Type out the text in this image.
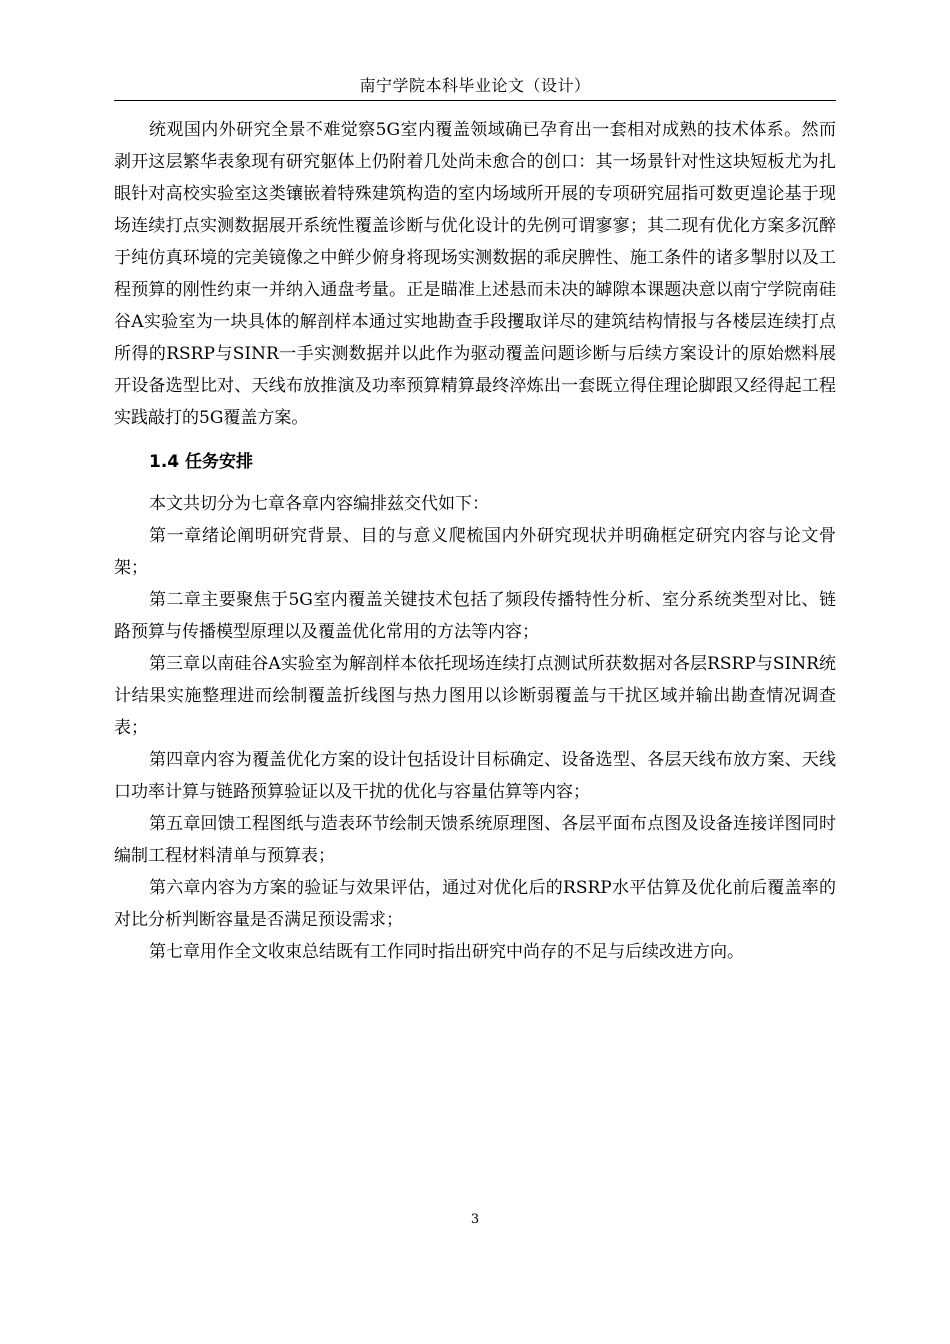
南宁学院本科毕业论文（设计）

统观国内外研究全景不难觉察5G室内覆盖领域确已孕育出一套相对成熟的技术体系。然而剥开这层繁华表象现有研究躯体上仍附着几处尚未愈合的创口：其一场景针对性这块短板尤为扎眼针对高校实验室这类镶嵌着特殊建筑构造的室内场域所开展的专项研究屈指可数更遑论基于现场连续打点实测数据展开系统性覆盖诊断与优化设计的先例可谓寥寥；其二现有优化方案多沉醉于纯仿真环境的完美镜像之中鲜少俯身将现场实测数据的乖戾脾性、施工条件的诸多掣肘以及工程预算的刚性约束一并纳入通盘考量。正是瞄准上述悬而未决的罅隙本课题决意以南宁学院南硅谷A实验室为一块具体的解剖样本通过实地勘查手段攫取详尽的建筑结构情报与各楼层连续打点所得的RSRP与SINR一手实测数据并以此作为驱动覆盖问题诊断与后续方案设计的原始燃料展开设备选型比对、天线布放推演及功率预算精算最终淬炼出一套既立得住理论脚跟又经得起工程实践敲打的5G覆盖方案。

1.4 任务安排

本文共切分为七章各章内容编排兹交代如下：

第一章绪论阐明研究背景、目的与意义爬梳国内外研究现状并明确框定研究内容与论文骨架；

第二章主要聚焦于5G室内覆盖关键技术包括了频段传播特性分析、室分系统类型对比、链路预算与传播模型原理以及覆盖优化常用的方法等内容；

第三章以南硅谷A实验室为解剖样本依托现场连续打点测试所获数据对各层RSRP与SINR统计结果实施整理进而绘制覆盖折线图与热力图用以诊断弱覆盖与干扰区域并输出勘查情况调查表；

第四章内容为覆盖优化方案的设计包括设计目标确定、设备选型、各层天线布放方案、天线口功率计算与链路预算验证以及干扰的优化与容量估算等内容；

第五章回馈工程图纸与造表环节绘制天馈系统原理图、各层平面布点图及设备连接详图同时编制工程材料清单与预算表；

第六章内容为方案的验证与效果评估，通过对优化后的RSRP水平估算及优化前后覆盖率的对比分析判断容量是否满足预设需求；

第七章用作全文收束总结既有工作同时指出研究中尚存的不足与后续改进方向。

3
